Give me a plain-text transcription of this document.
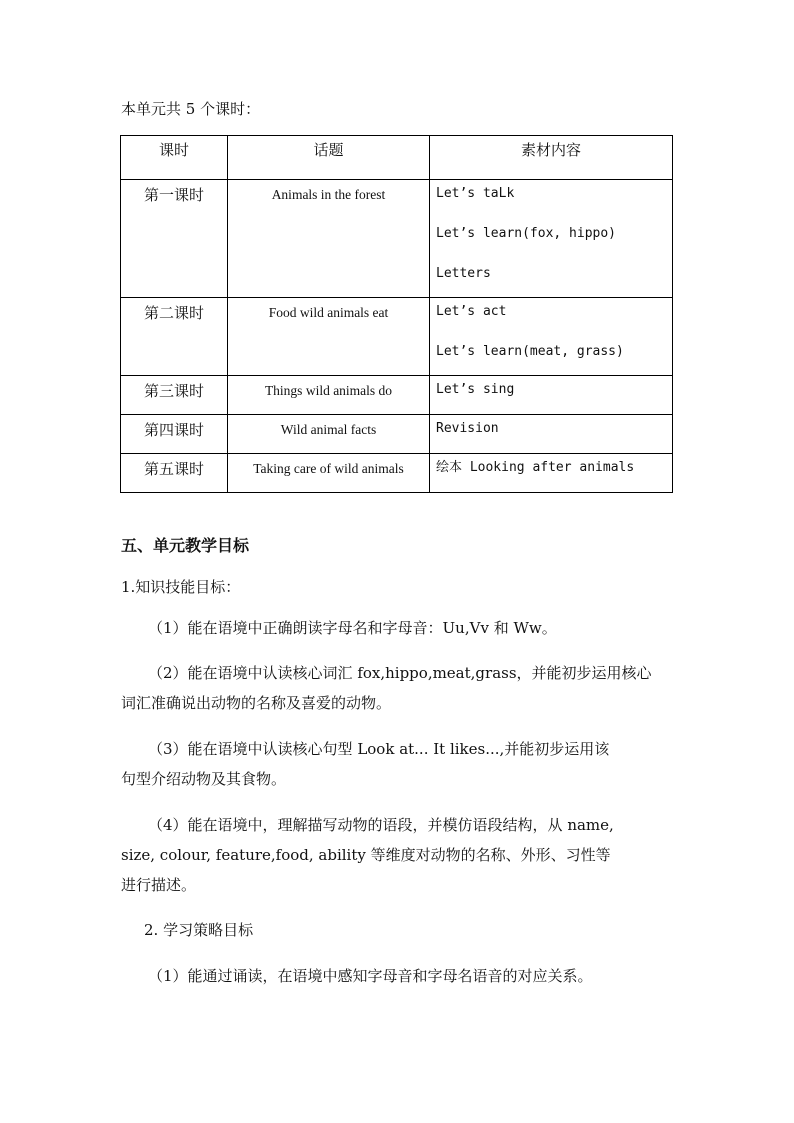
本单元共 5 个课时：
课时	话题	素材内容
第一课时	Animals in the forest	Let’s taLk
Let’s learn(fox, hippo)
Letters

第二课时	Food wild animals eat	Let’s act
Let’s learn(meat, grass)

第三课时	Things wild animals do	Let’s sing

第四课时	Wild animal facts	Revision

第五课时	Taking care of wild animals	绘本 Looking after animals
五、单元教学目标
1.知识技能目标：
（1）能在语境中正确朗读字母名和字母音：Uu,Vv 和 Ww。
（2）能在语境中认读核心词汇 fox,hippo,meat,grass，并能初步运用核心
词汇准确说出动物的名称及喜爱的动物。
（3）能在语境中认读核心句型 Look at... It likes...,并能初步运用该
句型介绍动物及其食物。
（4）能在语境中，理解描写动物的语段，并模仿语段结构，从 name,
size, colour, feature,food, ability 等维度对动物的名称、外形、习性等
进行描述。
2. 学习策略目标
（1）能通过诵读，在语境中感知字母音和字母名语音的对应关系。
